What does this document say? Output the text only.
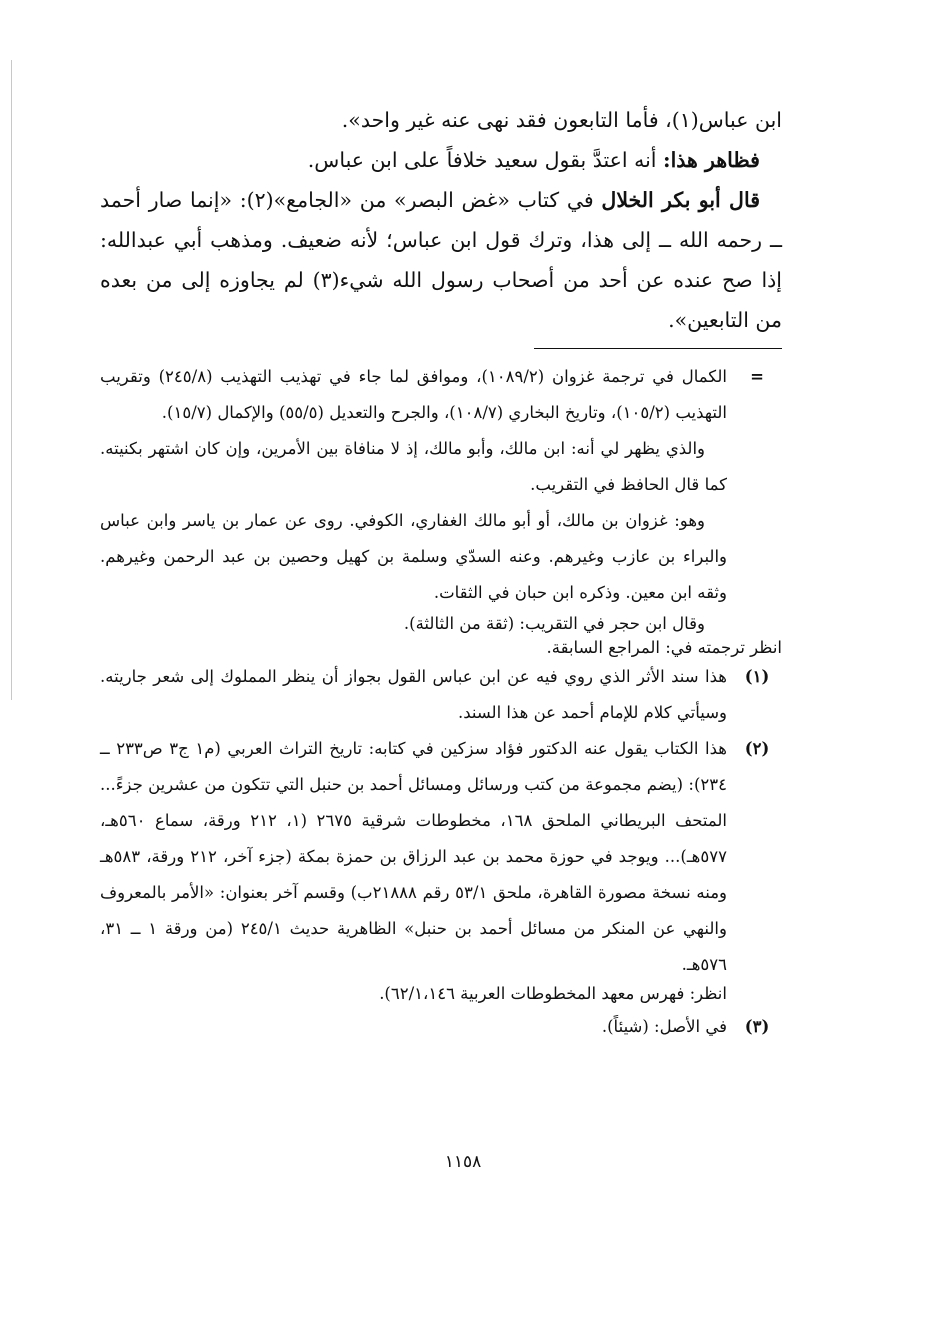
ابن عباس(١)، فأما التابعون فقد نهى عنه غير واحد».

فظاهر هذا: أنه اعتدَّ بقول سعيد خلافاً على ابن عباس.

قال أبو بكر الخلال في كتاب «غض البصر» من «الجامع»(٢): «إنما صار أحمد ــ رحمه الله ــ إلى هذا، وترك قول ابن عباس؛ لأنه ضعيف. ومذهب أبي عبدالله: إذا صح عنده عن أحد من أصحاب رسول الله شيء(٣) لم يجاوزه إلى من بعده من التابعين».

=

الكمال في ترجمة غزوان (١٠٨٩/٢)، وموافق لما جاء في تهذيب التهذيب (٢٤٥/٨) وتقريب التهذيب (١٠٥/٢)، وتاريخ البخاري (١٠٨/٧)، والجرح والتعديل (٥٥/٥) والإكمال (١٥/٧).

والذي يظهر لي أنه: ابن مالك، وأبو مالك، إذ لا منافاة بين الأمرين، وإن كان اشتهر بكنيته. كما قال الحافظ في التقريب.

وهو: غزوان بن مالك، أو أبو مالك الغفاري، الكوفي. روى عن عمار بن ياسر وابن عباس والبراء بن عازب وغيرهم. وعنه السدّي وسلمة بن كهيل وحصين بن عبد الرحمن وغيرهم. وثقه ابن معين. وذكره ابن حبان في الثقات.

وقال ابن حجر في التقريب: (ثقة من الثالثة).

انظر ترجمته في: المراجع السابقة.

(١)

هذا سند الأثر الذي روي فيه عن ابن عباس القول بجواز أن ينظر المملوك إلى شعر جاريته. وسيأتي كلام للإمام أحمد عن هذا السند.

(٢)

هذا الكتاب يقول عنه الدكتور فؤاد سزكين في كتابه: تاريخ التراث العربي (م١ ج٣ ص٢٣٣ ــ ٢٣٤): (يضم مجموعة من كتب ورسائل ومسائل أحمد بن حنبل التي تتكون من عشرين جزءً... المتحف البريطاني الملحق ١٦٨، مخطوطات شرقية ٢٦٧٥ (١، ٢١٢ ورقة، سماع ٥٦٠هـ، ٥٧٧هـ)... ويوجد في حوزة محمد بن عبد الرزاق بن حمزة بمكة (جزء آخر، ٢١٢ ورقة، ٥٨٣هـ ومنه نسخة مصورة القاهرة، ملحق ٥٣/١ رقم ٢١٨٨٨ب) وقسم آخر بعنوان: «الأمر بالمعروف والنهي عن المنكر من مسائل أحمد بن حنبل» الظاهرية حديث ٢٤٥/١ (من ورقة ١ ــ ٣١، ٥٧٦هـ.

انظر: فهرس معهد المخطوطات العربية ٦٢/١،١٤٦).

(٣)

في الأصل: (شيئاً).

١١٥٨
